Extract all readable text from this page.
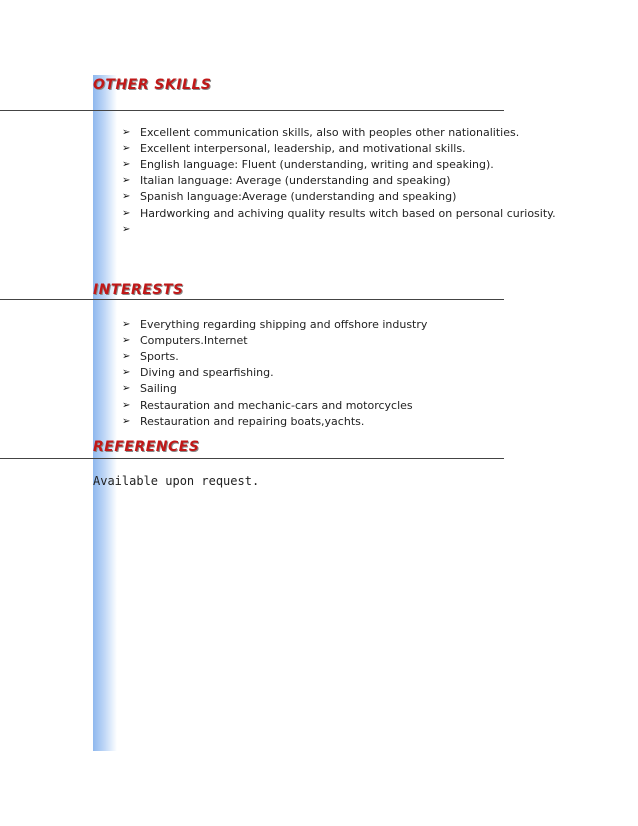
OTHER SKILLS
➢ Excellent communication skills, also with peoples other nationalities.
➢ Excellent interpersonal, leadership, and motivational skills.
➢ English language: Fluent (understanding, writing and speaking).
➢ Italian language: Average (understanding and speaking)
➢ Spanish language:Average (understanding and speaking)
➢ Hardworking and achiving quality results witch based on personal curiosity.
➢
INTERESTS
➢ Everything regarding shipping and offshore industry
➢ Computers.Internet
➢ Sports.
➢ Diving and spearfishing.
➢ Sailing
➢ Restauration and mechanic-cars and motorcycles
➢ Restauration and repairing boats,yachts.
REFERENCES

Available upon request.
